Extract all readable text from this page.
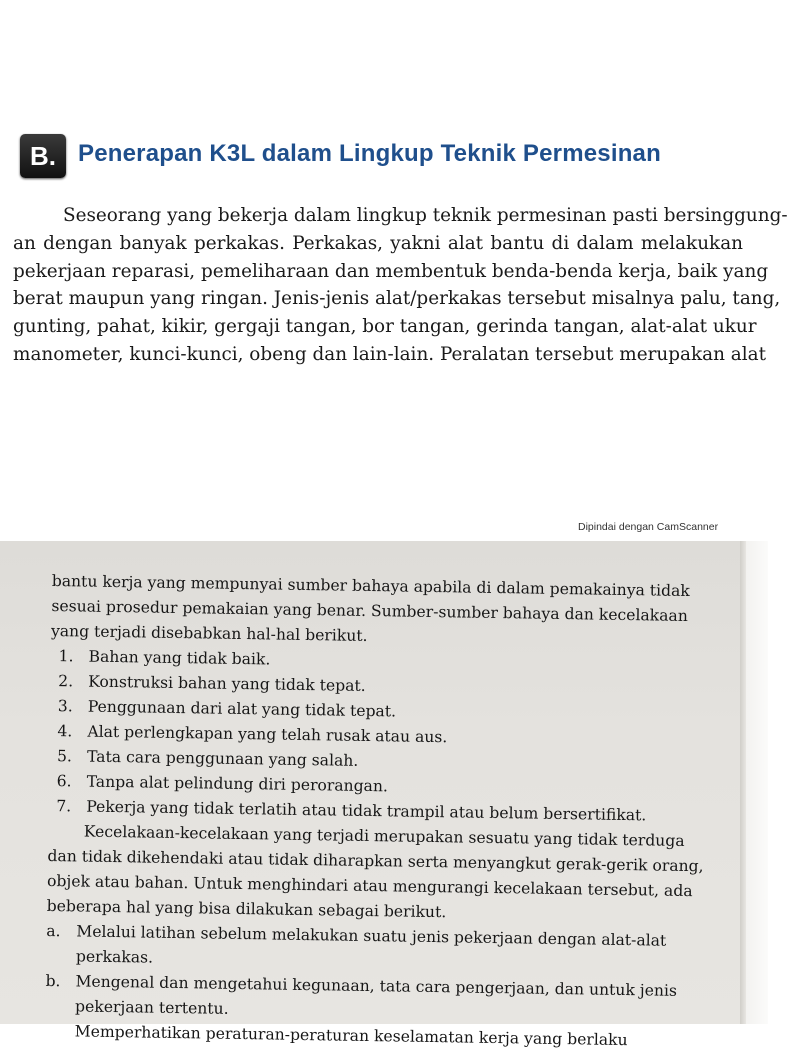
B. Penerapan K3L dalam Lingkup Teknik Permesinan

Seseorang yang bekerja dalam lingkup teknik permesinan pasti bersinggung-
an dengan banyak perkakas. Perkakas, yakni alat bantu di dalam melakukan
pekerjaan reparasi, pemeliharaan dan membentuk benda-benda kerja, baik yang
berat maupun yang ringan. Jenis-jenis alat/perkakas tersebut misalnya palu, tang,
gunting, pahat, kikir, gergaji tangan, bor tangan, gerinda tangan, alat-alat ukur
manometer, kunci-kunci, obeng dan lain-lain. Peralatan tersebut merupakan alat

Dipindai dengan CamScanner

bantu kerja yang mempunyai sumber bahaya apabila di dalam pemakainya tidak
sesuai prosedur pemakaian yang benar. Sumber-sumber bahaya dan kecelakaan
yang terjadi disebabkan hal-hal berikut.

1. Bahan yang tidak baik.
2. Konstruksi bahan yang tidak tepat.
3. Penggunaan dari alat yang tidak tepat.
4. Alat perlengkapan yang telah rusak atau aus.
5. Tata cara penggunaan yang salah.
6. Tanpa alat pelindung diri perorangan.
7. Pekerja yang tidak terlatih atau tidak trampil atau belum bersertifikat.

Kecelakaan-kecelakaan yang terjadi merupakan sesuatu yang tidak terduga
dan tidak dikehendaki atau tidak diharapkan serta menyangkut gerak-gerik orang,
objek atau bahan. Untuk menghindari atau mengurangi kecelakaan tersebut, ada
beberapa hal yang bisa dilakukan sebagai berikut.

a. Melalui latihan sebelum melakukan suatu jenis pekerjaan dengan alat-alat
perkakas.
b. Mengenal dan mengetahui kegunaan, tata cara pengerjaan, dan untuk jenis
pekerjaan tertentu.
Memperhatikan peraturan-peraturan keselamatan kerja yang berlaku
